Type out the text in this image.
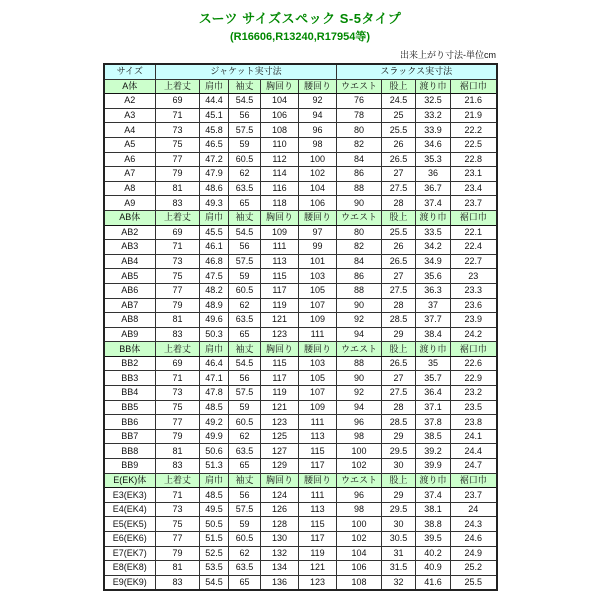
スーツ サイズスペック S-5タイプ
(R16606,R13240,R17954等)
出来上がり寸法-単位cm
サイズ	ジャケット実寸法					スラックス実寸法			
A体	上着丈	肩巾	袖丈	胸回り	腰回り	ウエスト	股上	渡り巾	裾口巾
A2	69	44.4	54.5	104	92	76	24.5	32.5	21.6
A3	71	45.1	56	106	94	78	25	33.2	21.9
A4	73	45.8	57.5	108	96	80	25.5	33.9	22.2
A5	75	46.5	59	110	98	82	26	34.6	22.5
A6	77	47.2	60.5	112	100	84	26.5	35.3	22.8
A7	79	47.9	62	114	102	86	27	36	23.1
A8	81	48.6	63.5	116	104	88	27.5	36.7	23.4
A9	83	49.3	65	118	106	90	28	37.4	23.7
AB体	上着丈	肩巾	袖丈	胸回り	腰回り	ウエスト	股上	渡り巾	裾口巾
AB2	69	45.5	54.5	109	97	80	25.5	33.5	22.1
AB3	71	46.1	56	111	99	82	26	34.2	22.4
AB4	73	46.8	57.5	113	101	84	26.5	34.9	22.7
AB5	75	47.5	59	115	103	86	27	35.6	23
AB6	77	48.2	60.5	117	105	88	27.5	36.3	23.3
AB7	79	48.9	62	119	107	90	28	37	23.6
AB8	81	49.6	63.5	121	109	92	28.5	37.7	23.9
AB9	83	50.3	65	123	111	94	29	38.4	24.2
BB体	上着丈	肩巾	袖丈	胸回り	腰回り	ウエスト	股上	渡り巾	裾口巾
BB2	69	46.4	54.5	115	103	88	26.5	35	22.6
BB3	71	47.1	56	117	105	90	27	35.7	22.9
BB4	73	47.8	57.5	119	107	92	27.5	36.4	23.2
BB5	75	48.5	59	121	109	94	28	37.1	23.5
BB6	77	49.2	60.5	123	111	96	28.5	37.8	23.8
BB7	79	49.9	62	125	113	98	29	38.5	24.1
BB8	81	50.6	63.5	127	115	100	29.5	39.2	24.4
BB9	83	51.3	65	129	117	102	30	39.9	24.7
E(EK)体	上着丈	肩巾	袖丈	胸回り	腰回り	ウエスト	股上	渡り巾	裾口巾
E3(EK3)	71	48.5	56	124	111	96	29	37.4	23.7
E4(EK4)	73	49.5	57.5	126	113	98	29.5	38.1	24
E5(EK5)	75	50.5	59	128	115	100	30	38.8	24.3
E6(EK6)	77	51.5	60.5	130	117	102	30.5	39.5	24.6
E7(EK7)	79	52.5	62	132	119	104	31	40.2	24.9
E8(EK8)	81	53.5	63.5	134	121	106	31.5	40.9	25.2
E9(EK9)	83	54.5	65	136	123	108	32	41.6	25.5
